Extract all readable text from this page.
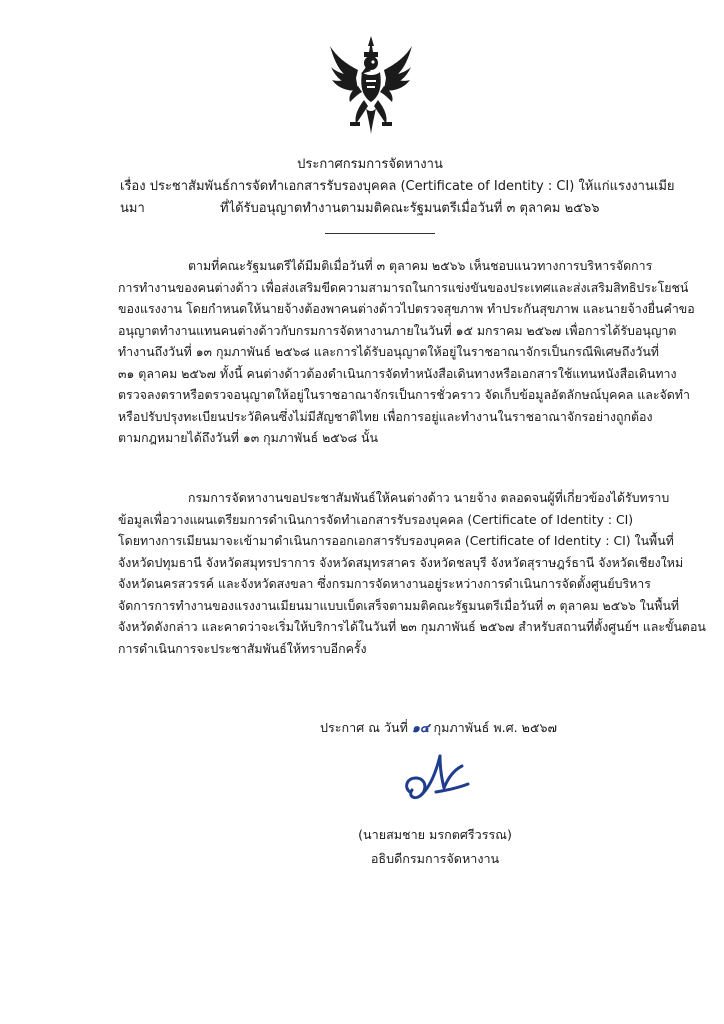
ประกาศกรมการจัดหางาน
เรื่อง ประชาสัมพันธ์การจัดทำเอกสารรับรองบุคคล (Certificate of Identity : CI) ให้แก่แรงงานเมียนมา	ที่ได้รับอนุญาตทำงานตามมติคณะรัฐมนตรีเมื่อวันที่ ๓ ตุลาคม ๒๕๖๖
ตามที่คณะรัฐมนตรีได้มีมติเมื่อวันที่ ๓ ตุลาคม ๒๕๖๖ เห็นชอบแนวทางการบริหารจัดการ
การทำงานของคนต่างด้าว เพื่อส่งเสริมขีดความสามารถในการแข่งขันของประเทศและส่งเสริมสิทธิประโยชน์
ของแรงงาน โดยกำหนดให้นายจ้างต้องพาคนต่างด้าวไปตรวจสุขภาพ ทำประกันสุขภาพ และนายจ้างยื่นคำขอ
อนุญาตทำงานแทนคนต่างด้าวกับกรมการจัดหางานภายในวันที่ ๑๕ มกราคม ๒๕๖๗ เพื่อการได้รับอนุญาต
ทำงานถึงวันที่ ๑๓ กุมภาพันธ์ ๒๕๖๘ และการได้รับอนุญาตให้อยู่ในราชอาณาจักรเป็นกรณีพิเศษถึงวันที่
๓๑ ตุลาคม ๒๕๖๗ ทั้งนี้ คนต่างด้าวต้องดำเนินการจัดทำหนังสือเดินทางหรือเอกสารใช้แทนหนังสือเดินทาง
ตรวจลงตราหรือตรวจอนุญาตให้อยู่ในราชอาณาจักรเป็นการชั่วคราว จัดเก็บข้อมูลอัตลักษณ์บุคคล และจัดทำ
หรือปรับปรุงทะเบียนประวัติคนซึ่งไม่มีสัญชาติไทย เพื่อการอยู่และทำงานในราชอาณาจักรอย่างถูกต้อง
ตามกฎหมายได้ถึงวันที่ ๑๓ กุมภาพันธ์ ๒๕๖๘ นั้น
กรมการจัดหางานขอประชาสัมพันธ์ให้คนต่างด้าว นายจ้าง ตลอดจนผู้ที่เกี่ยวข้องได้รับทราบ
ข้อมูลเพื่อวางแผนเตรียมการดำเนินการจัดทำเอกสารรับรองบุคคล (Certificate of Identity : CI)
โดยทางการเมียนมาจะเข้ามาดำเนินการออกเอกสารรับรองบุคคล (Certificate of Identity : CI) ในพื้นที่
จังหวัดปทุมธานี จังหวัดสมุทรปราการ จังหวัดสมุทรสาคร จังหวัดชลบุรี จังหวัดสุราษฎร์ธานี จังหวัดเชียงใหม่
จังหวัดนครสวรรค์ และจังหวัดสงขลา ซึ่งกรมการจัดหางานอยู่ระหว่างการดำเนินการจัดตั้งศูนย์บริหาร
จัดการการทำงานของแรงงานเมียนมาแบบเบ็ดเสร็จตามมติคณะรัฐมนตรีเมื่อวันที่ ๓ ตุลาคม ๒๕๖๖ ในพื้นที่
จังหวัดดังกล่าว และคาดว่าจะเริ่มให้บริการได้ในวันที่ ๒๓ กุมภาพันธ์ ๒๕๖๗ สำหรับสถานที่ตั้งศูนย์ฯ และขั้นตอน
การดำเนินการจะประชาสัมพันธ์ให้ทราบอีกครั้ง
ประกาศ ณ วันที่ ๑๔ กุมภาพันธ์ พ.ศ. ๒๕๖๗
(นายสมชาย มรกตศรีวรรณ)
อธิบดีกรมการจัดหางาน
